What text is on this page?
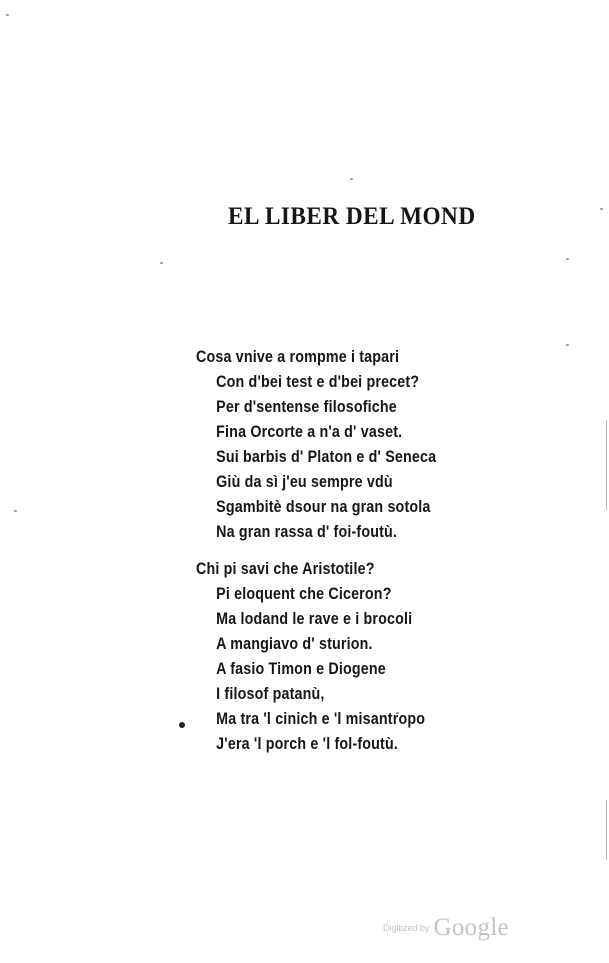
EL LIBER DEL MOND
Cosa vnive a rompme i tapari
Con d'bei test e d'bei precet?
Per d'sentense filosofiche
Fina Orcorte a n'a d' vaset.
Sui barbis d' Platon e d' Seneca
Giù da sì j'eu sempre vdù
Sgambitè dsour na gran sotola
Na gran rassa d' foi-foutù.
Chi pi savi che Aristotile?
Pi eloquent che Ciceron?
Ma lodand le rave e i brocoli
A mangiavo d' sturion.
A fasio Timon e Diogene
I filosof patanù,
Ma tra 'l cinich e 'l misantropo
J'era 'l porch e 'l fol-foutù.
Digitized by Google
